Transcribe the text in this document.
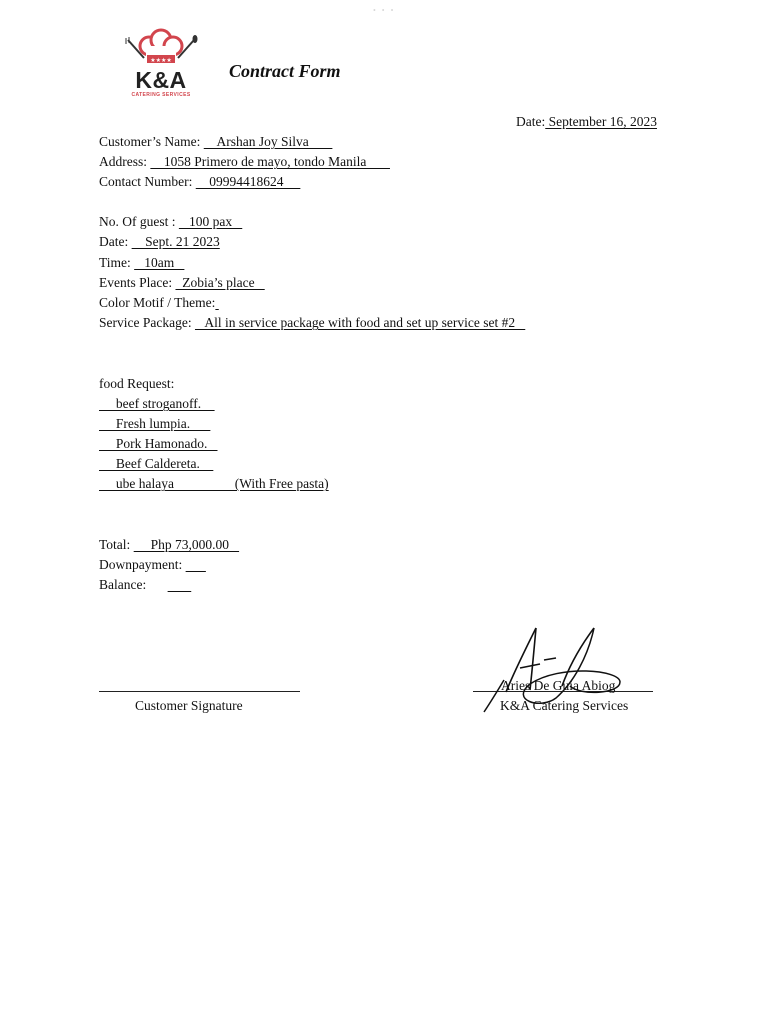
• • •
★★★★
K&A
CATERING SERVICES
Contract Form
Date: September 16, 2023
Customer’s Name:     Arshan Joy Silva
Address:     1058 Primero de mayo, tondo Manila
Contact Number:     09994418624
No. Of guest :    100 pax
Date:     Sept. 21 2023
Time:    10am
Events Place:   Zobia’s place
Color Motif / Theme:
Service Package:    All in service package with food and set up service set #2
food Request:
beef stroganoff.
Fresh lumpia.
Pork Hamonado.
Beef Caldereta.
ube halaya                  (With Free pasta)
Total:      Php 73,000.00
Downpayment:
Balance:
Customer Signature
Aries De Guia Abiog
K&A Catering Services
